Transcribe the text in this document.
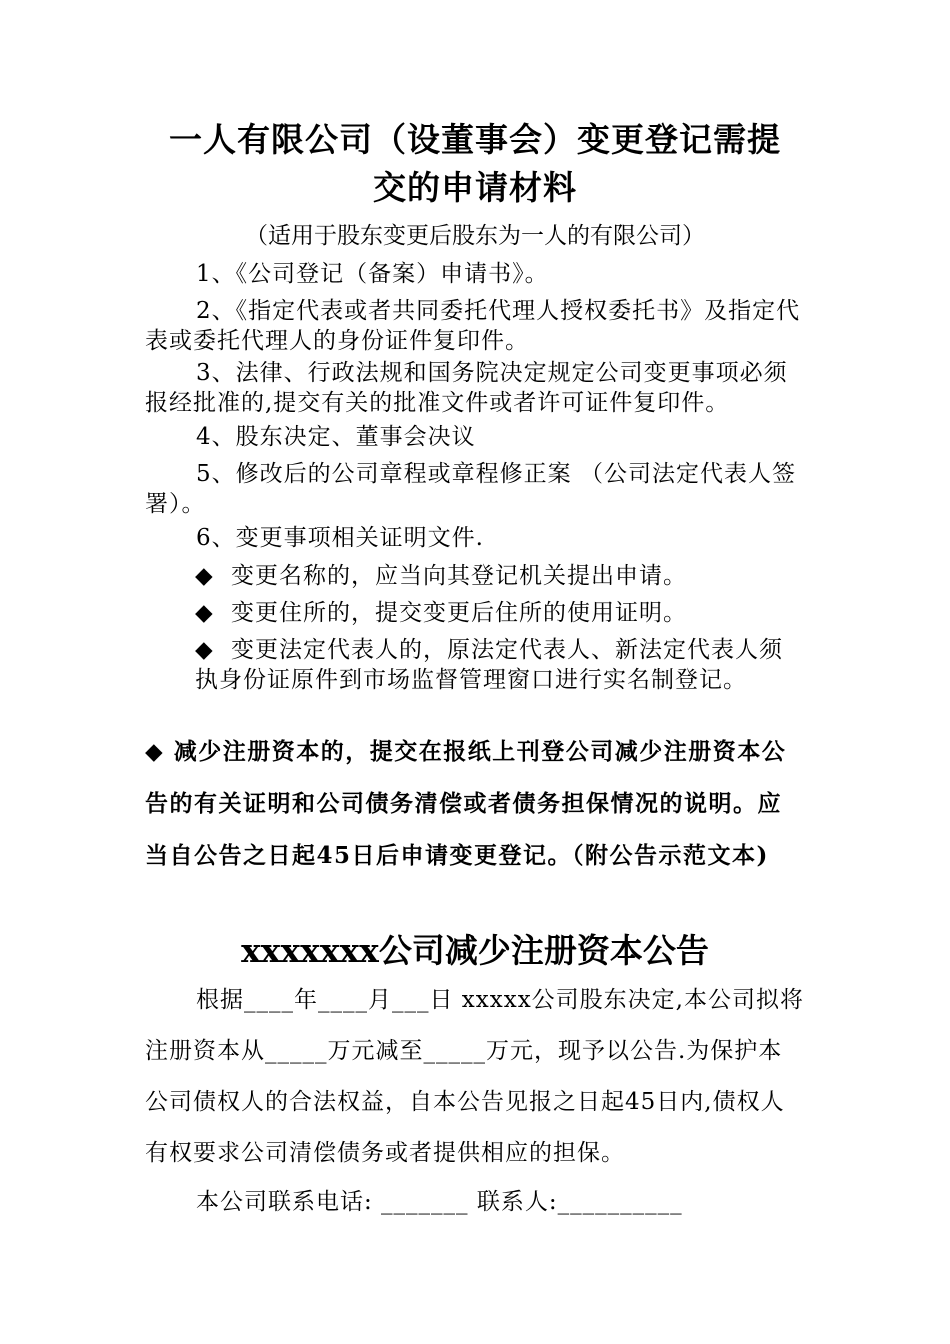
一人有限公司（设董事会）变更登记需提
交的申请材料
（适用于股东变更后股东为一人的有限公司）
1、《公司登记（备案）申请书》。
2、《指定代表或者共同委托代理人授权委托书》及指定代表或委托代理人的身份证件复印件。
3、法律、行政法规和国务院决定规定公司变更事项必须报经批准的,提交有关的批准文件或者许可证件复印件。
4、股东决定、董事会决议
5、修改后的公司章程或章程修正案 （公司法定代表人签署）。
6、变更事项相关证明文件.
◆ 变更名称的，应当向其登记机关提出申请。
◆ 变更住所的，提交变更后住所的使用证明。
◆ 变更法定代表人的，原法定代表人、新法定代表人须执身份证原件到市场监督管理窗口进行实名制登记。
◆ 减少注册资本的，提交在报纸上刊登公司减少注册资本公告的有关证明和公司债务清偿或者债务担保情况的说明。应当自公告之日起45日后申请变更登记。（附公告示范文本)
xxxxxxx公司减少注册资本公告
根据____年____月___日 xxxxx公司股东决定,本公司拟将注册资本从_____万元减至_____万元，现予以公告.为保护本公司债权人的合法权益，自本公告见报之日起45日内,债权人有权要求公司清偿债务或者提供相应的担保。
本公司联系电话: _______ 联系人:__________
